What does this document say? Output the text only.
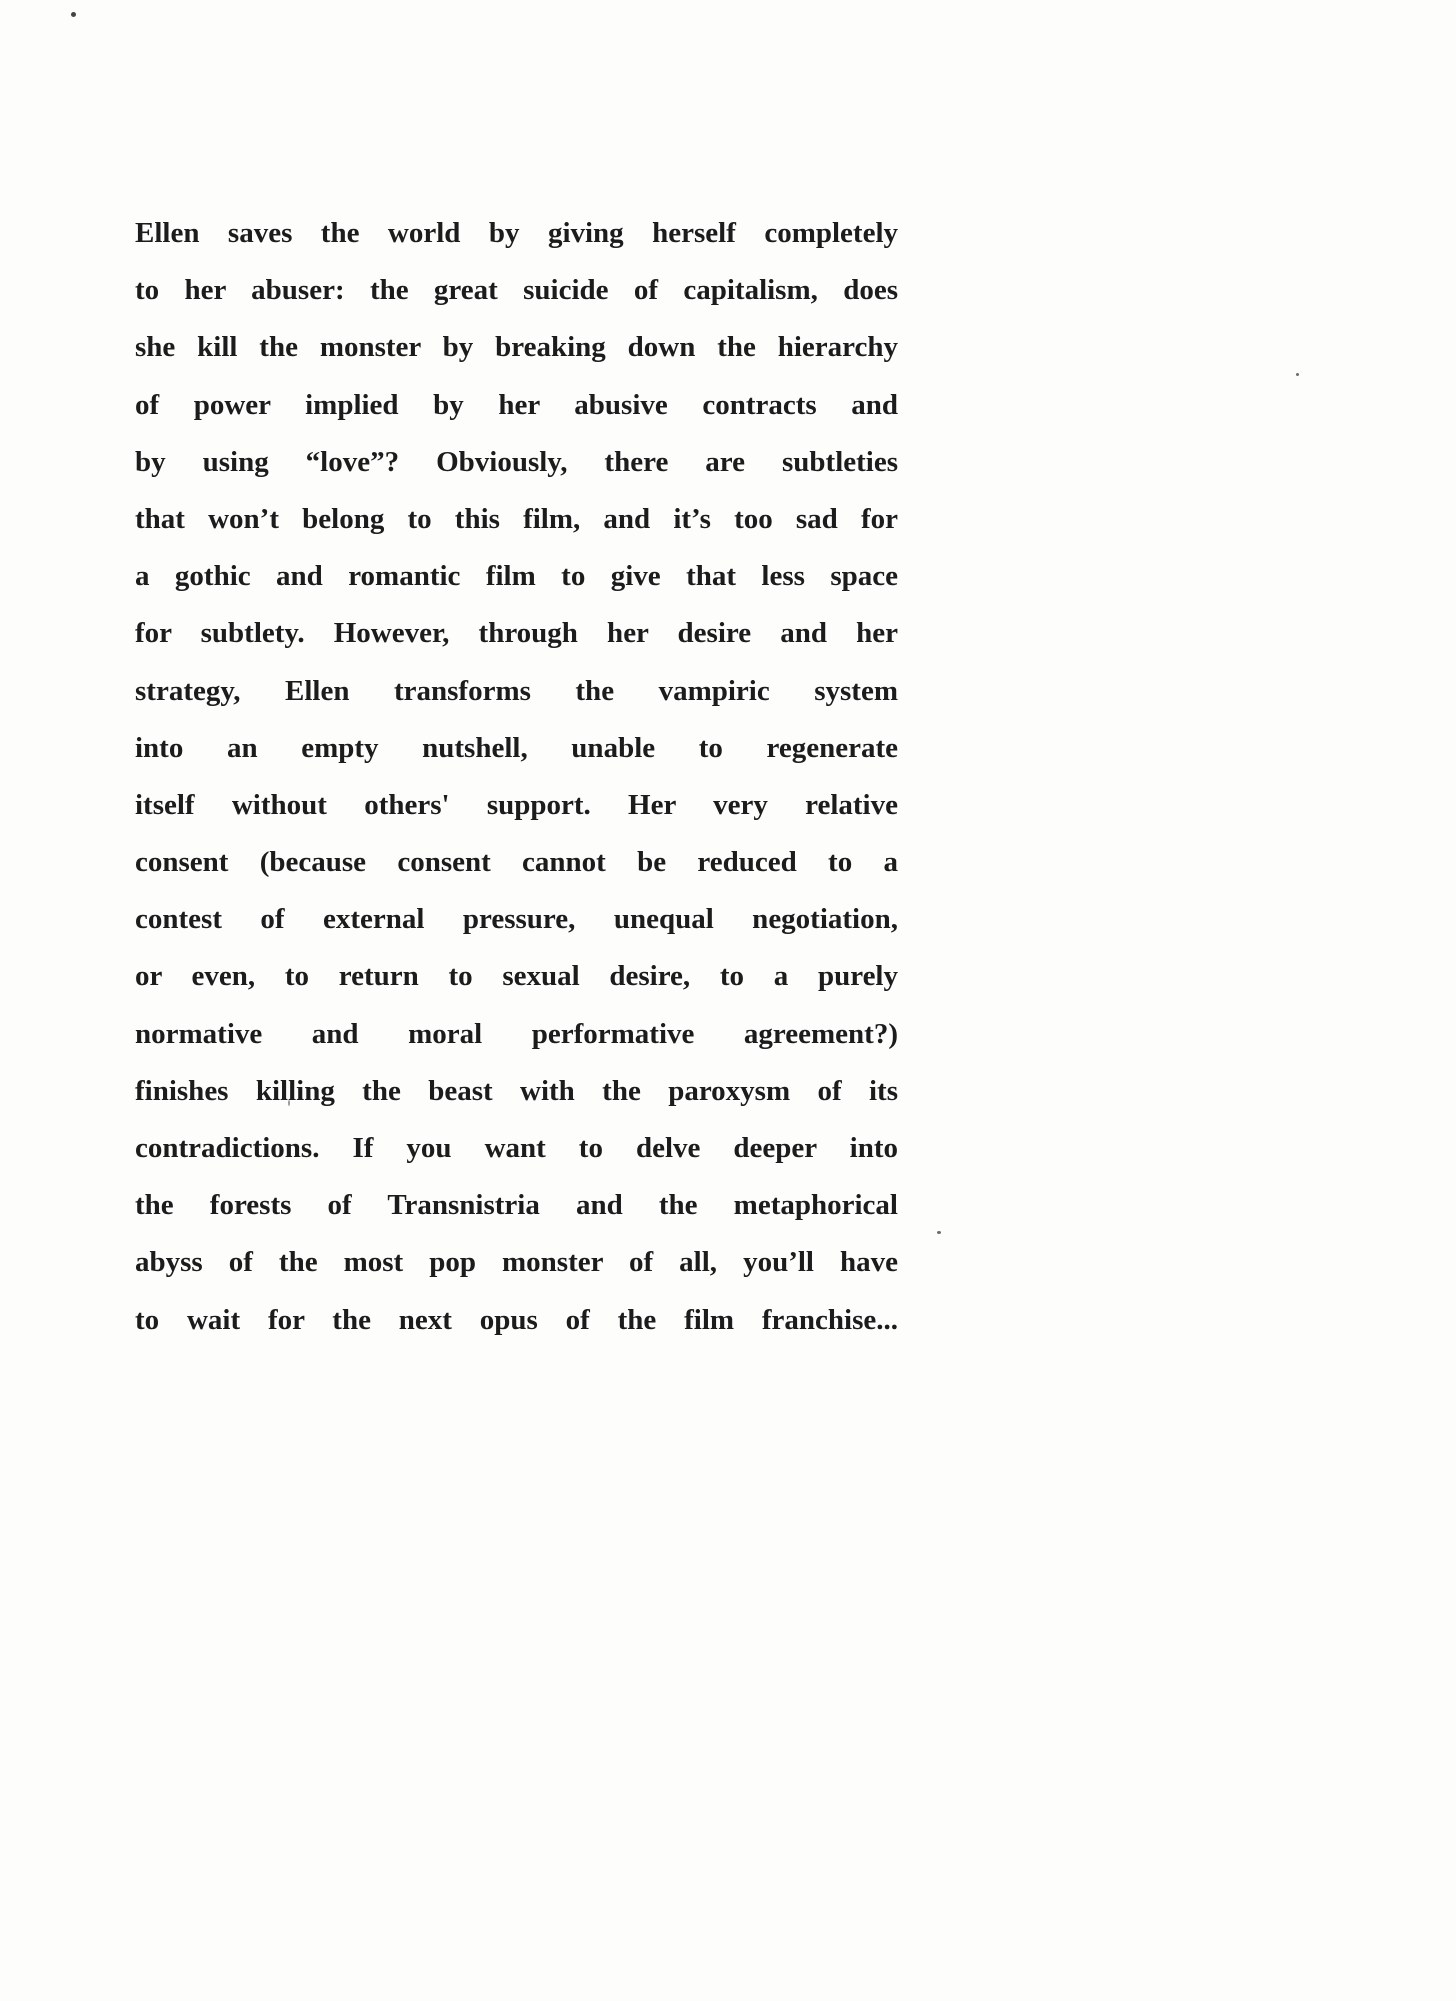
Ellen saves the world by giving herself completely
to her abuser: the great suicide of capitalism, does
she kill the monster by breaking down the hierarchy
of power implied by her abusive contracts and
by using “love”? Obviously, there are subtleties
that won’t belong to this film, and it’s too sad for
a gothic and romantic film to give that less space
for subtlety. However, through her desire and her
strategy, Ellen transforms the vampiric system
into an empty nutshell, unable to regenerate
itself without others' support. Her very relative
consent (because consent cannot be reduced to a
contest of external pressure, unequal negotiation,
or even, to return to sexual desire, to a purely
normative and moral performative agreement?)
finishes killing the beast with the paroxysm of its
contradictions. If you want to delve deeper into
the forests of Transnistria and the metaphorical
abyss of the most pop monster of all, you’ll have
to wait for the next opus of the film franchise...
